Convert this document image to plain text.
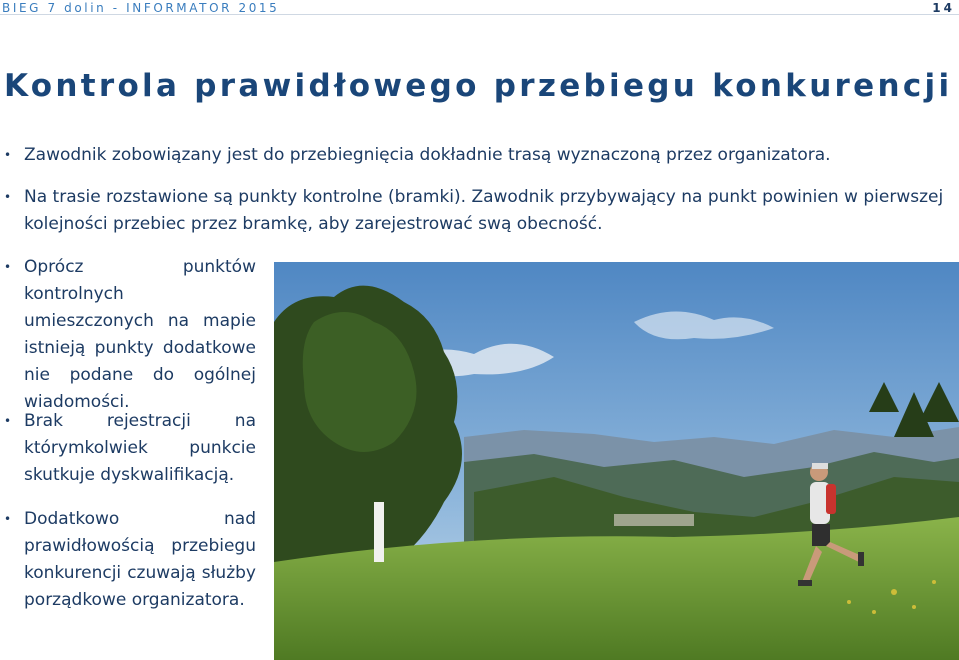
BIEG 7 dolin - INFORMATOR 2015	14
Kontrola prawidłowego przebiegu konkurencji
• Zawodnik zobowiązany jest do przebiegnięcia dokładnie trasą wyznaczoną przez organizatora.
• Na trasie rozstawione są punkty kontrolne (bramki). Zawodnik przybywający na punkt powinien w pierwszej kolejności przebiec przez bramkę, aby zarejestrować swą obecność.
• Oprócz punktów kontrolnych umieszczonych na mapie istnieją punkty dodatkowe nie podane do ogólnej wiadomości.
• Brak rejestracji na którymkolwiek punkcie skutkuje dyskwalifikacją.
• Dodatkowo nad prawidłowością przebiegu konkurencji czuwają służby porządkowe organizatora.
